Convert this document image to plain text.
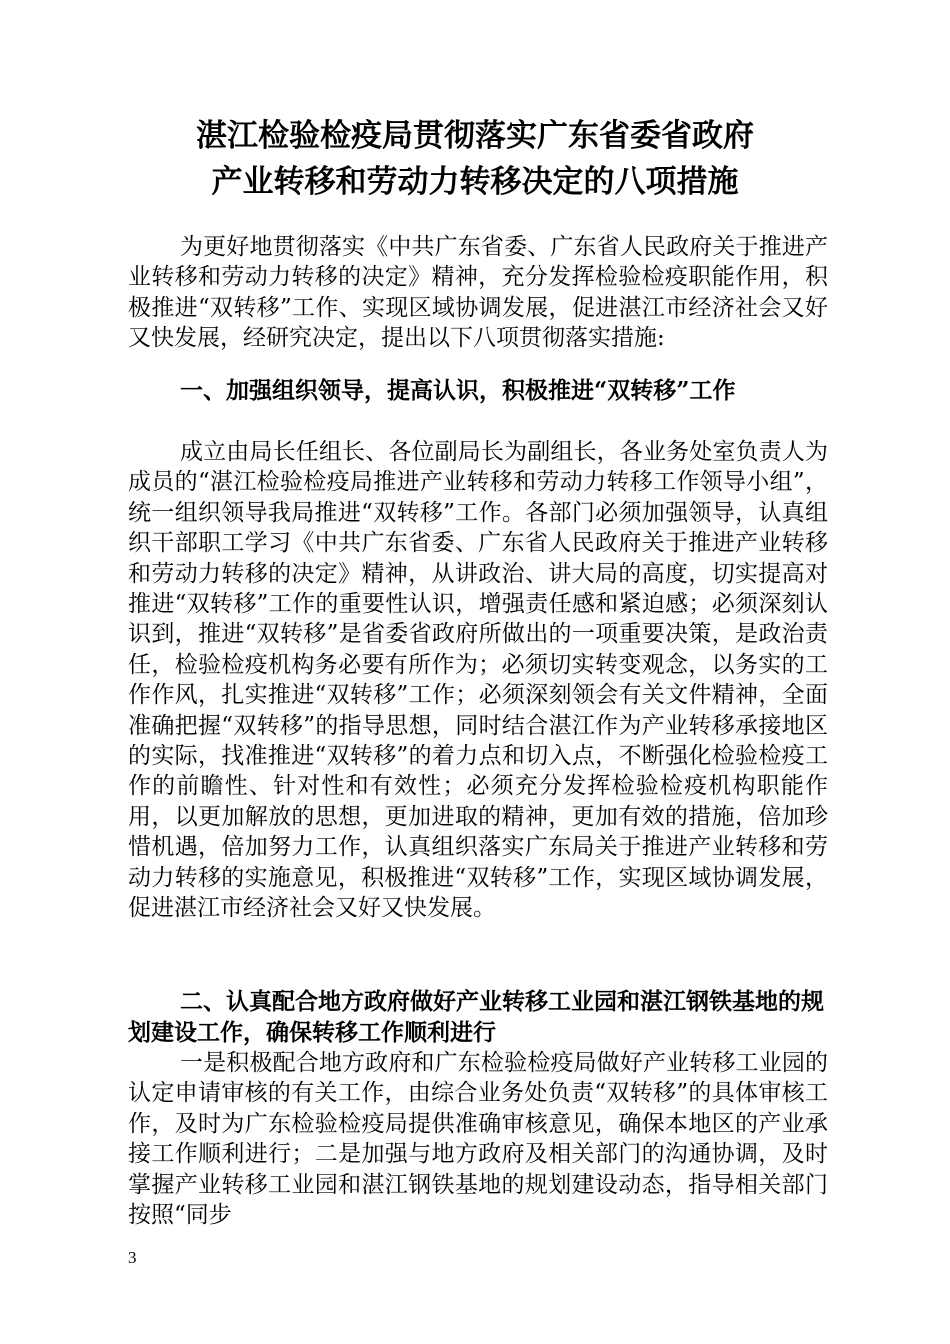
湛江检验检疫局贯彻落实广东省委省政府
产业转移和劳动力转移决定的八项措施
为更好地贯彻落实《中共广东省委、广东省人民政府关于推进产业转移和劳动力转移的决定》精神，充分发挥检验检疫职能作用，积极推进“双转移”工作、实现区域协调发展，促进湛江市经济社会又好又快发展，经研究决定，提出以下八项贯彻落实措施:
一、加强组织领导，提高认识，积极推进“双转移”工作
成立由局长任组长、各位副局长为副组长，各业务处室负责人为成员的“湛江检验检疫局推进产业转移和劳动力转移工作领导小组”，统一组织领导我局推进“双转移”工作。各部门必须加强领导，认真组织干部职工学习《中共广东省委、广东省人民政府关于推进产业转移和劳动力转移的决定》精神，从讲政治、讲大局的高度，切实提高对推进“双转移”工作的重要性认识，增强责任感和紧迫感；必须深刻认识到，推进“双转移”是省委省政府所做出的一项重要决策，是政治责任，检验检疫机构务必要有所作为；必须切实转变观念，以务实的工作作风，扎实推进“双转移”工作；必须深刻领会有关文件精神，全面准确把握“双转移”的指导思想，同时结合湛江作为产业转移承接地区的实际，找准推进“双转移”的着力点和切入点，不断强化检验检疫工作的前瞻性、针对性和有效性；必须充分发挥检验检疫机构职能作用，以更加解放的思想，更加进取的精神，更加有效的措施，倍加珍惜机遇，倍加努力工作，认真组织落实广东局关于推进产业转移和劳动力转移的实施意见，积极推进“双转移”工作，实现区域协调发展，促进湛江市经济社会又好又快发展。
二、认真配合地方政府做好产业转移工业园和湛江钢铁基地的规划建设工作，确保转移工作顺利进行
一是积极配合地方政府和广东检验检疫局做好产业转移工业园的认定申请审核的有关工作，由综合业务处负责“双转移”的具体审核工作，及时为广东检验检疫局提供准确审核意见，确保本地区的产业承接工作顺利进行；二是加强与地方政府及相关部门的沟通协调，及时掌握产业转移工业园和湛江钢铁基地的规划建设动态，指导相关部门按照“同步
3
